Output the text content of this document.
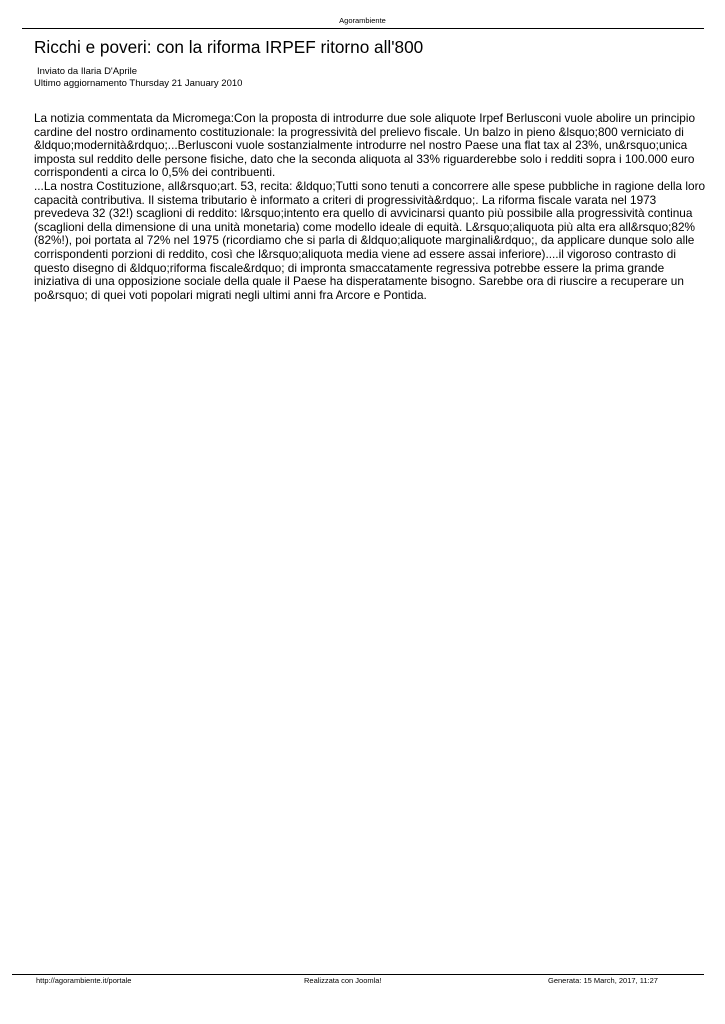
Agorambiente
Ricchi e poveri: con la riforma IRPEF ritorno all'800
Inviato da Ilaria D'Aprile
Ultimo aggiornamento Thursday 21 January 2010

La notizia commentata da Micromega:Con la proposta di introdurre due sole aliquote Irpef Berlusconi vuole abolire un principio cardine del nostro ordinamento costituzionale: la progressività del prelievo fiscale. Un balzo in pieno &lsquo;800 verniciato di &ldquo;modernità&rdquo;...Berlusconi vuole sostanzialmente introdurre nel nostro Paese una flat tax al 23%, un&rsquo;unica imposta sul reddito delle persone fisiche, dato che la seconda aliquota al 33% riguarderebbe solo i redditi sopra i 100.000 euro corrispondenti a circa lo 0,5% dei contribuenti.

...La nostra Costituzione, all&rsquo;art. 53, recita: &ldquo;Tutti sono tenuti a concorrere alle spese pubbliche in ragione della loro capacità contributiva. Il sistema tributario è informato a criteri di progressività&rdquo;. La riforma fiscale varata nel 1973 prevedeva 32 (32!) scaglioni di reddito: l&rsquo;intento era quello di avvicinarsi quanto più possibile alla progressività continua (scaglioni della dimensione di una unità monetaria) come modello ideale di equità. L&rsquo;aliquota più alta era all&rsquo;82% (82%!), poi portata al 72% nel 1975 (ricordiamo che si parla di &ldquo;aliquote marginali&rdquo;, da applicare dunque solo alle corrispondenti porzioni di reddito, così che l&rsquo;aliquota media viene ad essere assai inferiore)....il vigoroso contrasto di questo disegno di &ldquo;riforma fiscale&rdquo; di impronta smaccatamente regressiva potrebbe essere la prima grande iniziativa di una opposizione sociale della quale il Paese ha disperatamente bisogno. Sarebbe ora di riuscire a recuperare un po&rsquo; di quei voti popolari migrati negli ultimi anni fra Arcore e Pontida.

http://agorambiente.it/portale	Realizzata con Joomla!	Generata: 15 March, 2017, 11:27
